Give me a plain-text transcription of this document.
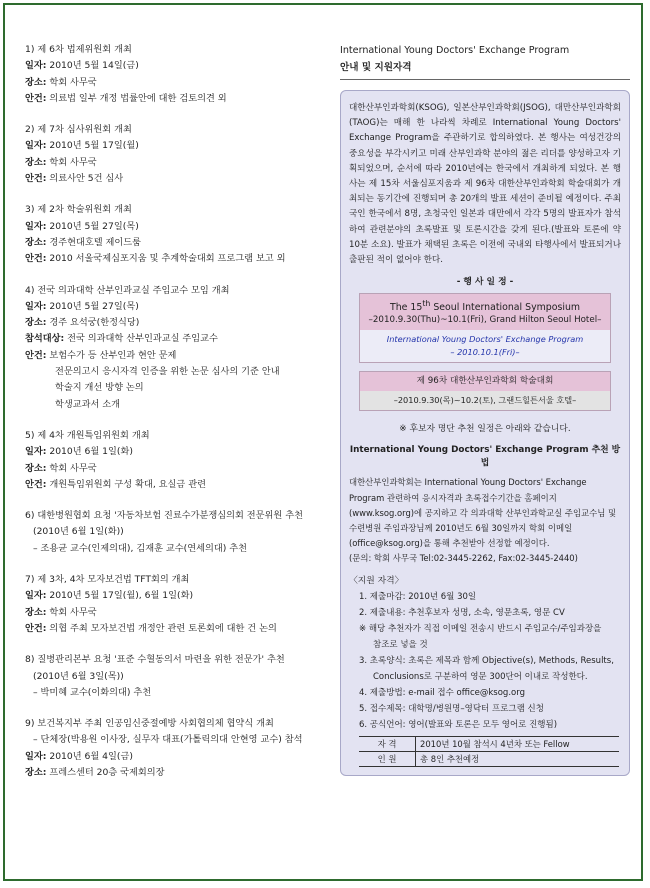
1) 제 6차 법제위원회 개최
일자: 2010년 5월 14일(금)
장소: 학회 사무국
안건: 의료법 일부 개정 법률안에 대한 검토의견 외
2) 제 7차 심사위원회 개최
일자: 2010년 5월 17일(월)
장소: 학회 사무국
안건: 의료사안 5건 심사
3) 제 2차 학술위원회 개최
일자: 2010년 5월 27일(목)
장소: 경주현대호텔 제이드룸
안건: 2010 서울국제심포지움 및 추계학술대회 프로그램 보고 외
4) 전국 의과대학 산부인과교실 주임교수 모임 개최
일자: 2010년 5월 27일(목)
장소: 경주 요석궁(한정식당)
참석대상: 전국 의과대학 산부인과교실 주임교수
안건: 보험수가 등 산부인과 현안 문제
전문의고시 응시자격 인증을 위한 논문 심사의 기준 안내
학술지 개선 방향 논의
학생교과서 소개
5) 제 4차 개원특임위원회 개최
일자: 2010년 6월 1일(화)
장소: 학회 사무국
안건: 개원특임위원회 구성 확대, 요실금 관련
6) 대한병원협회 요청 '자동차보험 진료수가분쟁심의회 전문위원 추천
(2010년 6월 1일(화))
– 조용균 교수(인제의대), 김재훈 교수(연세의대) 추천
7) 제 3차, 4차 모자보건법 TFT회의 개최
일자: 2010년 5월 17일(월), 6월 1일(화)
장소: 학회 사무국
안건: 의협 주최 모자보건법 개정안 관련 토론회에 대한 건 논의
8) 질병관리본부 요청 '표준 수혈동의서 마련을 위한 전문가' 추천
(2010년 6월 3일(목))
– 박미혜 교수(이화의대) 추천
9) 보건복지부 주최 인공임신중절예방 사회협의체 협약식 개최
– 단체장(박용원 이사장, 실무자 대표(가톨릭의대 안현영 교수) 참석
일자: 2010년 6월 4일(금)
장소: 프레스센터 20층 국제회의장
International Young Doctors' Exchange Program
안내 및 지원자격
대한산부인과학회(KSOG), 일본산부인과학회(JSOG), 대만산부인과학회(TAOG)는 매해 한 나라씩 차례로 International Young Doctors' Exchange Program을 주관하기로 합의하였다. 본 행사는 여성건강의 중요성을 부각시키고 미래 산부인과학 분야의 젊은 리더를 양성하고자 기획되었으며, 순서에 따라 2010년에는 한국에서 개최하게 되었다. 본 행사는 제 15차 서울심포지움과 제 96차 대한산부인과학회 학술대회가 개최되는 동기간에 진행되며 총 20개의 발표 세션이 준비될 예정이다. 주최국인 한국에서 8명, 초청국인 일본과 대만에서 각각 5명의 발표자가 참석하여 관련분야의 초록발표 및 토론시간을 갖게 된다.(발표와 토론에 약 10분 소요). 발표가 채택된 초록은 이전에 국내외 타행사에서 발표되거나 출판된 적이 없어야 한다.
- 행 사 일 정 -
The 15th Seoul International Symposium
–2010.9.30(Thu)~10.1(Fri), Grand Hilton Seoul Hotel–
International Young Doctors' Exchange Program
– 2010.10.1(Fri)–
제 96차 대한산부인과학회 학술대회
–2010.9.30(목)~10.2(토), 그랜드힐튼서울 호텔–
※ 후보자 명단 추천 일정은 아래와 같습니다.
International Young Doctors' Exchange Program 추천 방법
대한산부인과학회는 International Young Doctors' Exchange Program 관련하여 응시자격과 초록접수기간을 홈페이지(www.ksog.org)에 공지하고 각 의과대학 산부인과학교실 주임교수님 및 수련병원 주임과장님께 2010년도 6월 30일까지 학회 이메일(office@ksog.org)을 통해 추천받아 선정할 예정이다.
(문의: 학회 사무국 Tel:02-3445-2262, Fax:02-3445-2440)
〈지원 자격〉
1. 제출마감: 2010년 6월 30일
2. 제출내용: 추천후보자 성명, 소속, 영문초록, 영문 CV
※ 해당 추천자가 직접 이메일 전송시 반드시 주임교수/주임과장을
참조로 넣을 것
3. 초록양식: 초록은 제목과 함께 Objective(s), Methods, Results,
Conclusions로 구분하여 영문 300단어 이내로 작성한다.
4. 제출방법: e-mail 접수 office@ksog.org
5. 접수제목: 대학명/병원명–영닥터 프로그램 신청
6. 공식언어: 영어(발표와 토론은 모두 영어로 진행됨)
자 격	2010년 10월 참석시 4년차 또는 Fellow
인 원	총 8인 추천예정
